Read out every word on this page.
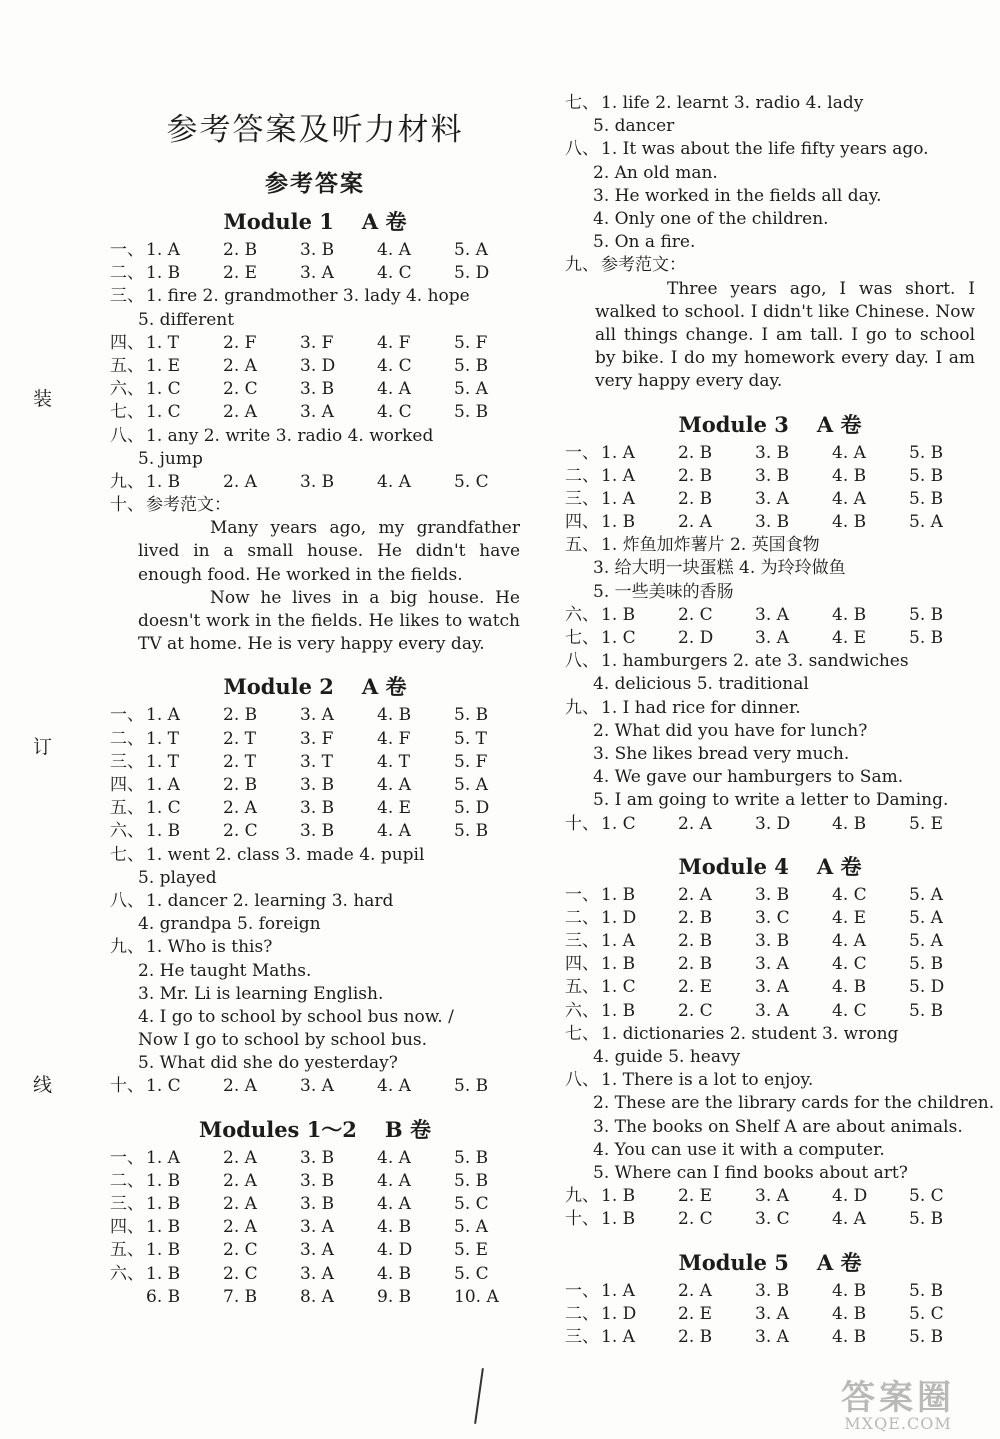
参考答案及听力材料
参考答案
装
订
线
Module 1 A 卷
一、 1. A	2. B	3. B	4. A	5. A
二、 1. B	2. E	3. A	4. C	5. D
三、 1. fire 2. grandmother 3. lady 4. hope
5. different
四、 1. T	2. F	3. F	4. F	5. F
五、 1. E	2. A	3. D	4. C	5. B
六、 1. C	2. C	3. B	4. A	5. A
七、 1. C	2. A	3. A	4. C	5. B
八、 1. any 2. write 3. radio 4. worked
5. jump
九、 1. B	2. A	3. B	4. A	5. C
十、 参考范文：
Many years ago, my grandfather lived in a small house. He didn't have enough food. He worked in the fields.
Now he lives in a big house. He doesn't work in the fields. He likes to watch TV at home. He is very happy every day.
Module 2 A 卷
一、 1. A	2. B	3. A	4. B	5. B
二、 1. T	2. T	3. F	4. F	5. T
三、 1. T	2. T	3. T	4. T	5. F
四、 1. A	2. B	3. B	4. A	5. A
五、 1. C	2. A	3. B	4. E	5. D
六、 1. B	2. C	3. B	4. A	5. B
七、 1. went 2. class 3. made 4. pupil
5. played
八、 1. dancer 2. learning 3. hard
4. grandpa 5. foreign
九、 1. Who is this?
2. He taught Maths.
3. Mr. Li is learning English.
4. I go to school by school bus now. /
Now I go to school by school bus.
5. What did she do yesterday?
十、 1. C	2. A	3. A	4. A	5. B
Modules 1～2 B 卷
一、 1. A	2. A	3. B	4. A	5. B
二、 1. B	2. A	3. B	4. A	5. B
三、 1. B	2. A	3. B	4. A	5. C
四、 1. B	2. A	3. A	4. B	5. A
五、 1. B	2. C	3. A	4. D	5. E
六、 1. B	2. C	3. A	4. B	5. C
6. B	7. B	8. A	9. B	10. A
七、 1. life 2. learnt 3. radio 4. lady
5. dancer
八、 1. It was about the life fifty years ago.
2. An old man.
3. He worked in the fields all day.
4. Only one of the children.
5. On a fire.
九、 参考范文：
Three years ago, I was short. I walked to school. I didn't like Chinese. Now all things change. I am tall. I go to school by bike. I do my homework every day. I am very happy every day.
Module 3 A 卷
一、 1. A	2. B	3. B	4. A	5. B
二、 1. A	2. B	3. B	4. B	5. B
三、 1. A	2. B	3. A	4. A	5. B
四、 1. B	2. A	3. B	4. B	5. A
五、 1. 炸鱼加炸薯片 2. 英国食物
3. 给大明一块蛋糕 4. 为玲玲做鱼
5. 一些美味的香肠
六、 1. B	2. C	3. A	4. B	5. B
七、 1. C	2. D	3. A	4. E	5. B
八、 1. hamburgers 2. ate 3. sandwiches
4. delicious 5. traditional
九、 1. I had rice for dinner.
2. What did you have for lunch?
3. She likes bread very much.
4. We gave our hamburgers to Sam.
5. I am going to write a letter to Daming.
十、 1. C	2. A	3. D	4. B	5. E
Module 4 A 卷
一、 1. B	2. A	3. B	4. C	5. A
二、 1. D	2. B	3. C	4. E	5. A
三、 1. A	2. B	3. B	4. A	5. A
四、 1. B	2. B	3. A	4. C	5. B
五、 1. C	2. E	3. A	4. B	5. D
六、 1. B	2. C	3. A	4. C	5. B
七、 1. dictionaries 2. student 3. wrong
4. guide 5. heavy
八、 1. There is a lot to enjoy.
2. These are the library cards for the children.
3. The books on Shelf A are about animals.
4. You can use it with a computer.
5. Where can I find books about art?
九、 1. B	2. E	3. A	4. D	5. C
十、 1. B	2. C	3. C	4. A	5. B
Module 5 A 卷
一、 1. A	2. A	3. B	4. B	5. B
二、 1. D	2. E	3. A	4. B	5. C
三、 1. A	2. B	3. A	4. B	5. B
答案圈
MXQE.COM
